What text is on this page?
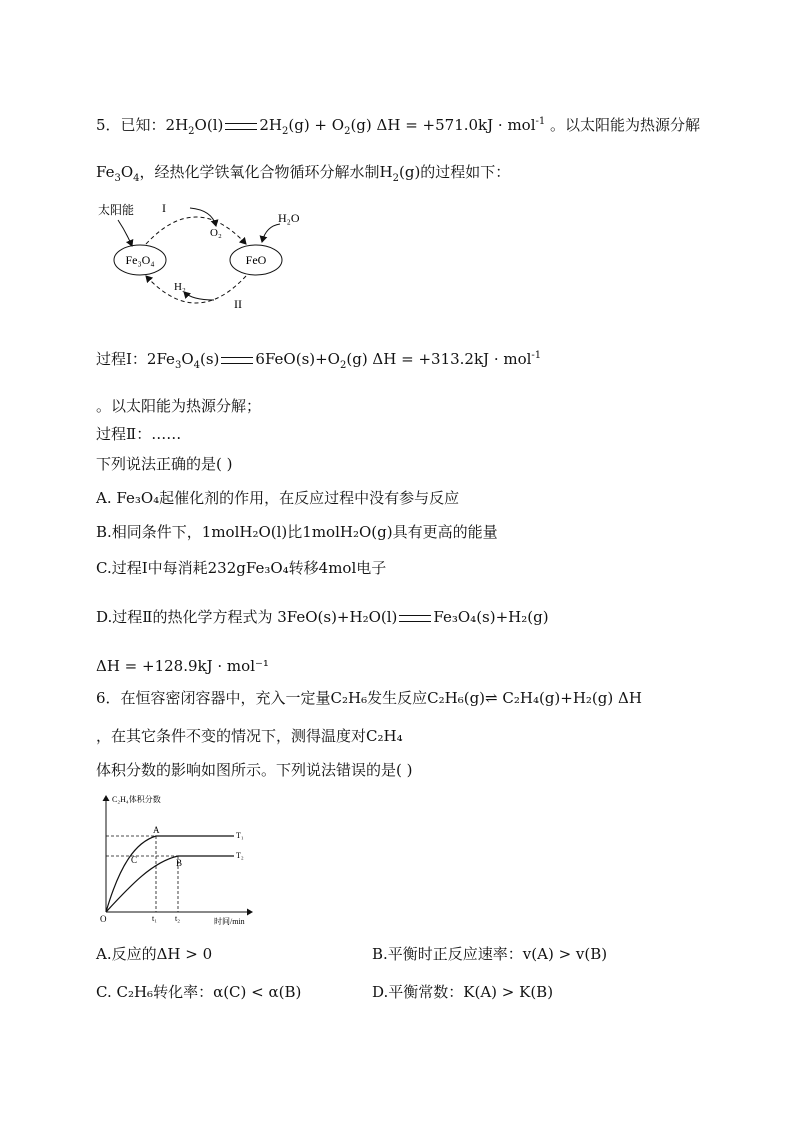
5．已知：$2H_2O(l) 2H_2(g) + O_2(g) \Delta H = +571.0kJ \cdot mol^{-1}$ 。以太阳能为热源分解
$Fe_3O_4$，经热化学铁氧化合物循环分解水制$H_2(g)$的过程如下：
太阳能
Fe₃O₄	FeO
I
O₂
H₂O
H₂
II
过程Ⅰ：$2Fe_3O_4(s)$ $6FeO(s)+O_2(g) \Delta H = +313.2kJ \cdot mol^{-1}$
。以太阳能为热源分解；
过程Ⅱ：……
下列说法正确的是( )
A. Fe₃O₄起催化剂的作用，在反应过程中没有参与反应
B.相同条件下，1molH₂O(l)比1molH₂O(g)具有更高的能量
C.过程Ⅰ中每消耗232gFe₃O₄转移4mol电子
D.过程Ⅱ的热化学方程式为 3FeO(s)+H₂O(l) Fe₃O₄(s)+H₂(g)
ΔH = +128.9kJ · mol⁻¹
6．在恒容密闭容器中，充入一定量C₂H₆发生反应C₂H₆(g)⇌ C₂H₄(g)+H₂(g) ΔH
，在其它条件不变的情况下，测得温度对C₂H₄
体积分数的影响如图所示。下列说法错误的是( )
C₂H₄体积分数
O	时间/min
A
B
C
t₁ t₂
T₁
T₂
A.反应的ΔH > 0	B.平衡时正反应速率：v(A) > v(B)
C. C₂H₆转化率：α(C) < α(B)	D.平衡常数：K(A) > K(B)
